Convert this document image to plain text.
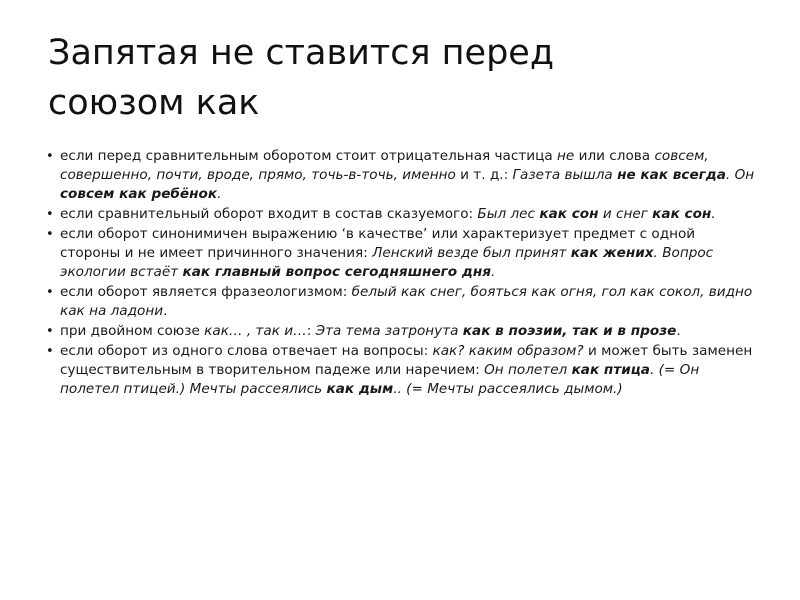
Запятая не ставится перед
союзом как
• если перед сравнительным оборотом стоит отрицательная частица не или слова совсем, совершенно, почти, вроде, прямо, точь-в-точь, именно и т. д.: Газета вышла не как всегда. Он совсем как ребёнок.
• если сравнительный оборот входит в состав сказуемого: Был лес как сон и снег как сон.
• если оборот синонимичен выражению ‘в качестве’ или характеризует предмет с одной стороны и не имеет причинного значения: Ленский везде был принят как жених. Вопрос экологии встаёт как главный вопрос сегодняшнего дня.
• если оборот является фразеологизмом: белый как снег, бояться как огня, гол как сокол, видно как на ладони.
• при двойном союзе как… , так и…: Эта тема затронута как в поэзии, так и в прозе.
• если оборот из одного слова отвечает на вопросы: как? каким образом? и может быть заменен существительным в творительном падеже или наречием: Он полетел как птица. (= Он полетел птицей.) Мечты рассеялись как дым.. (= Мечты рассеялись дымом.)
